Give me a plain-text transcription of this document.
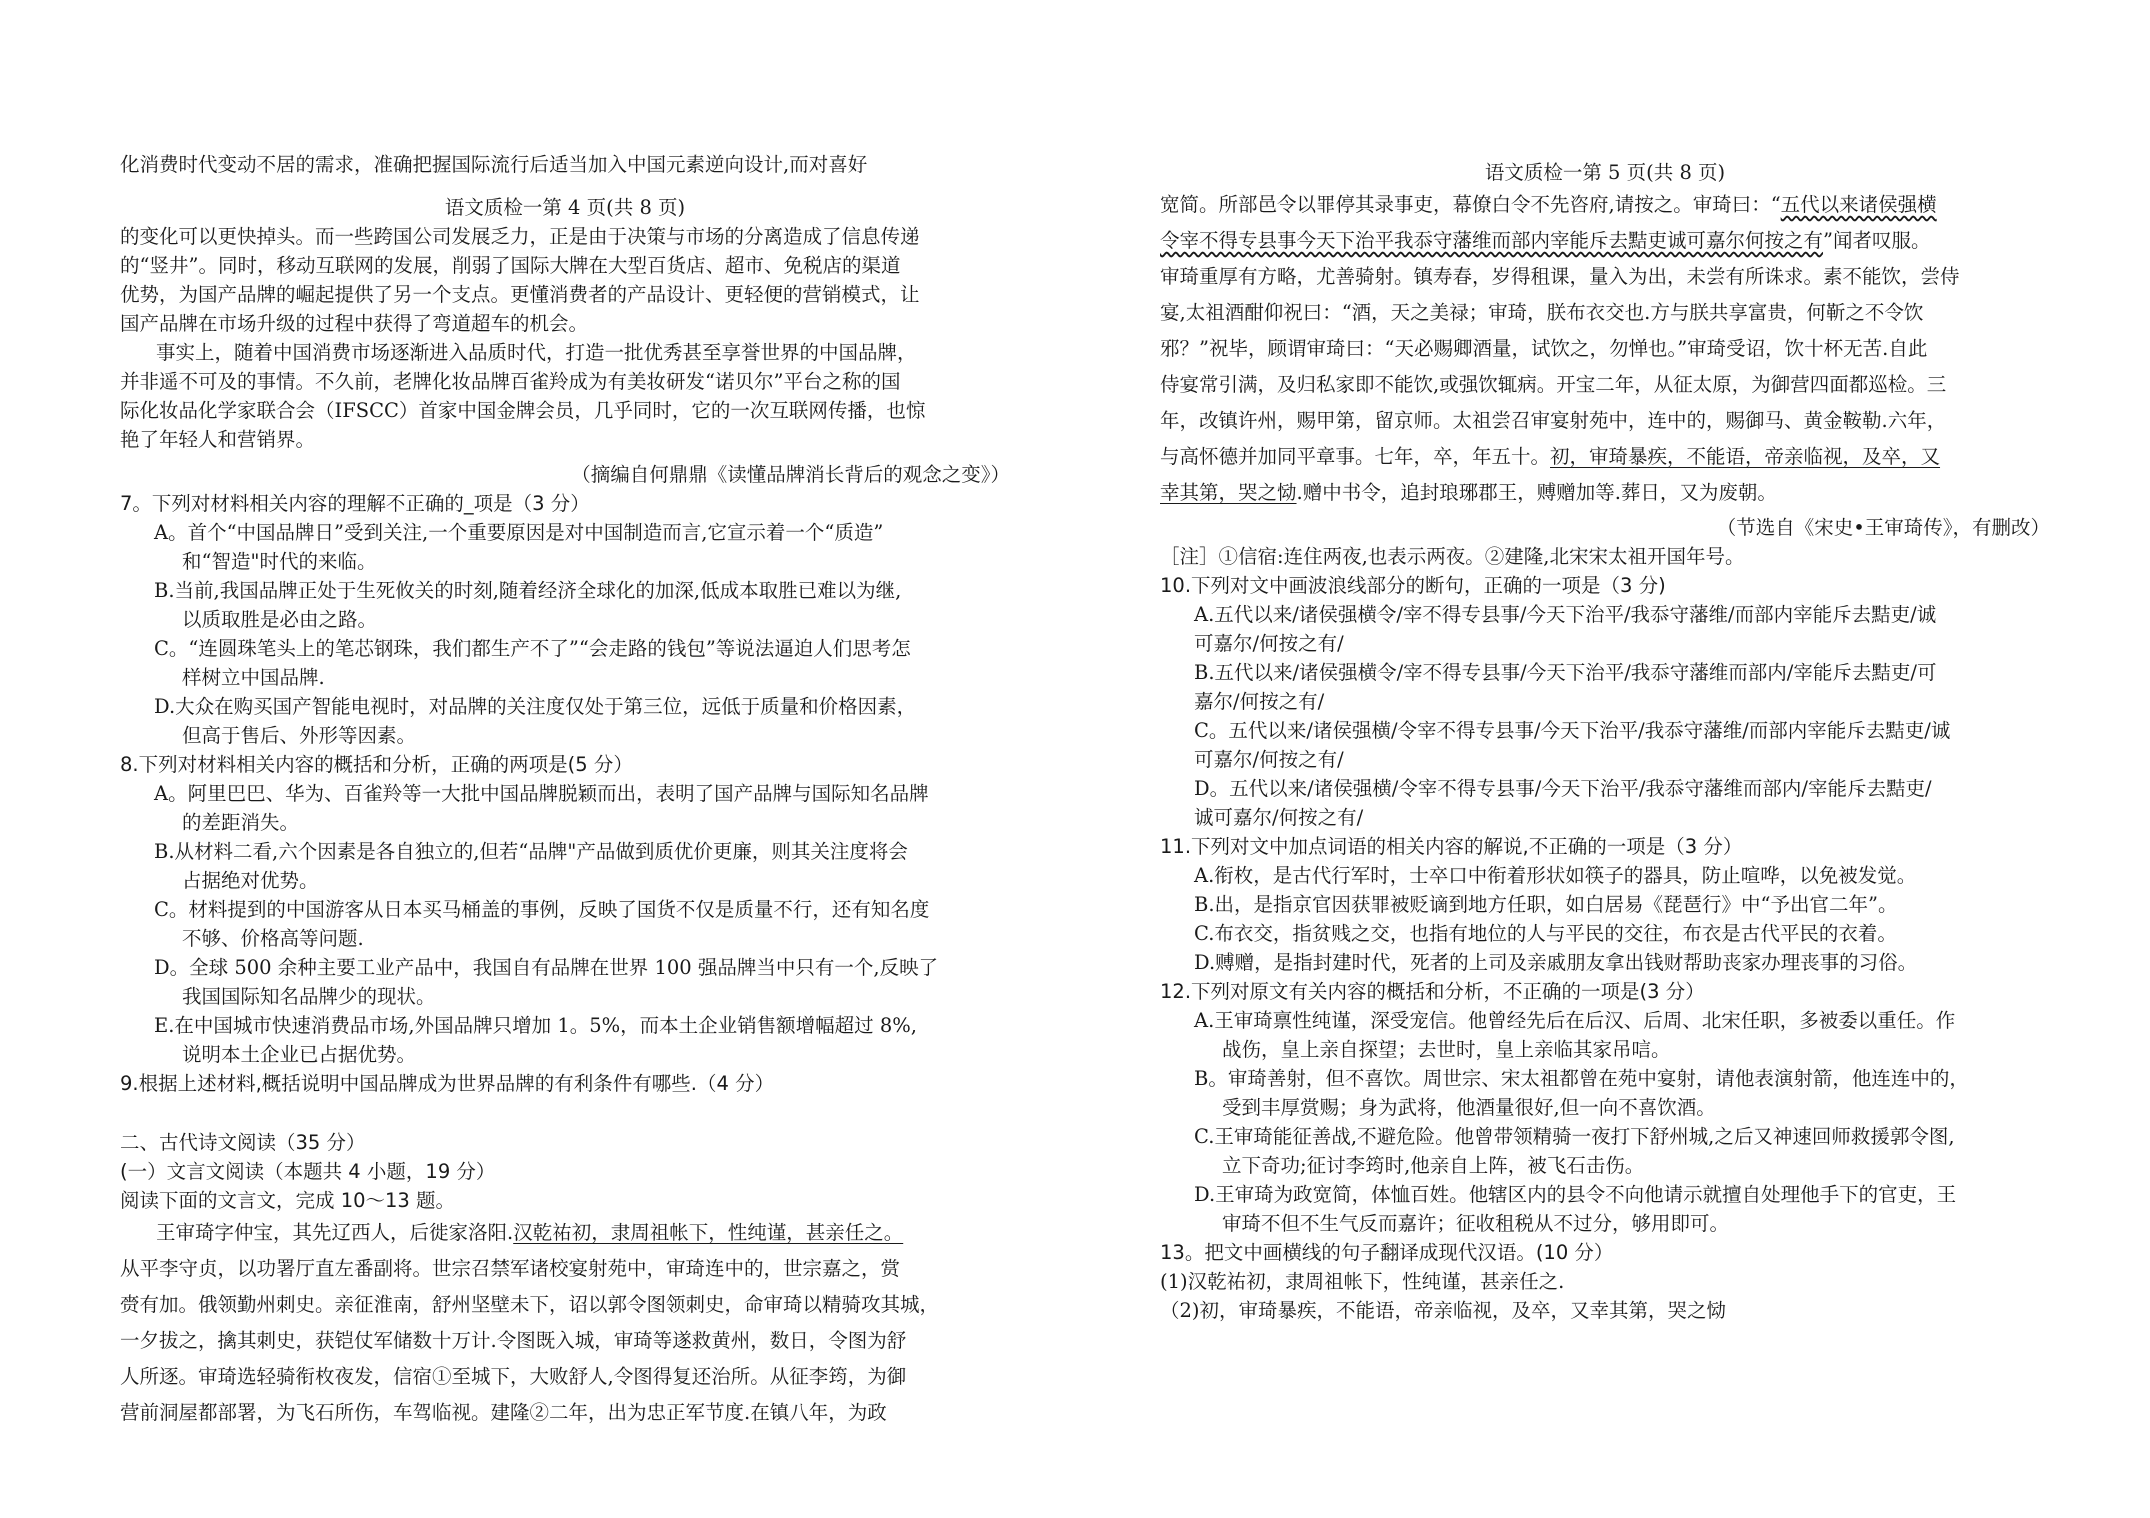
化消费时代变动不居的需求，准确把握国际流行后适当加入中国元素逆向设计,而对喜好
语文质检一第 4 页(共 8 页)
的变化可以更快掉头。而一些跨国公司发展乏力，正是由于决策与市场的分离造成了信息传递
的“竖井”。同时，移动互联网的发展，削弱了国际大牌在大型百货店、超市、免税店的渠道
优势，为国产品牌的崛起提供了另一个支点。更懂消费者的产品设计、更轻便的营销模式，让
国产品牌在市场升级的过程中获得了弯道超车的机会。
事实上，随着中国消费市场逐渐进入品质时代，打造一批优秀甚至享誉世界的中国品牌，
并非遥不可及的事情。不久前，老牌化妆品牌百雀羚成为有美妆研发“诺贝尔”平台之称的国
际化妆品化学家联合会（IFSCC）首家中国金牌会员，几乎同时，它的一次互联网传播，也惊
艳了年轻人和营销界。
（摘编自何鼎鼎《读懂品牌消长背后的观念之变》）
7。下列对材料相关内容的理解不正确的_项是（3 分）
A。首个“中国品牌日”受到关注,一个重要原因是对中国制造而言,它宣示着一个“质造”
和“智造"时代的来临。
B.当前,我国品牌正处于生死攸关的时刻,随着经济全球化的加深,低成本取胜已难以为继,
以质取胜是必由之路。
C。“连圆珠笔头上的笔芯钢珠，我们都生产不了”“会走路的钱包”等说法逼迫人们思考怎
样树立中国品牌.
D.大众在购买国产智能电视时，对品牌的关注度仅处于第三位，远低于质量和价格因素，
但高于售后、外形等因素。
8.下列对材料相关内容的概括和分析，正确的两项是(5 分）
A。阿里巴巴、华为、百雀羚等一大批中国品牌脱颖而出，表明了国产品牌与国际知名品牌
的差距消失。
B.从材料二看,六个因素是各自独立的,但若“品牌"产品做到质优价更廉，则其关注度将会
占据绝对优势。
C。材料提到的中国游客从日本买马桶盖的事例，反映了国货不仅是质量不行，还有知名度
不够、价格高等问题.
D。全球 500 余种主要工业产品中，我国自有品牌在世界 100 强品牌当中只有一个,反映了
我国国际知名品牌少的现状。
E.在中国城市快速消费品市场,外国品牌只增加 1。5%，而本土企业销售额增幅超过 8%,
说明本土企业已占据优势。
9.根据上述材料,概括说明中国品牌成为世界品牌的有利条件有哪些.（4 分）
二、古代诗文阅读（35 分）
(一）文言文阅读（本题共 4 小题，19 分）
阅读下面的文言文，完成 10～13 题。
王审琦字仲宝，其先辽西人，后徙家洛阳.汉乾祐初，隶周祖帐下，性纯谨，甚亲任之。
从平李守贞，以功署厅直左番副将。世宗召禁军诸校宴射苑中，审琦连中的，世宗嘉之，赏
赍有加。俄领勤州刺史。亲征淮南，舒州坚壁未下，诏以郭令图领刺史，命审琦以精骑攻其城，
一夕拔之，擒其刺史，获铠仗军储数十万计.令图既入城，审琦等遂救黄州，数日，令图为舒
人所逐。审琦选轻骑衔枚夜发，信宿①至城下，大败舒人,令图得复还治所。从征李筠，为御
营前洞屋都部署，为飞石所伤，车驾临视。建隆②二年，出为忠正军节度.在镇八年，为政
语文质检一第 5 页(共 8 页)
宽简。所部邑令以罪停其录事吏，幕僚白令不先咨府,请按之。审琦曰：“五代以来诸侯强横
令宰不得专县事今天下治平我忝守藩维而部内宰能斥去黠吏诚可嘉尔何按之有”闻者叹服。
审琦重厚有方略，尤善骑射。镇寿春，岁得租课，量入为出，未尝有所诛求。素不能饮，尝侍
宴,太祖酒酣仰祝曰：“酒，天之美禄；审琦，朕布衣交也.方与朕共享富贵，何靳之不令饮
邪？”祝毕，顾谓审琦曰：“天必赐卿酒量，试饮之，勿惮也。”审琦受诏，饮十杯无苦.自此
侍宴常引满，及归私家即不能饮,或强饮辄病。开宝二年，从征太原，为御营四面都巡检。三
年，改镇许州，赐甲第，留京师。太祖尝召审宴射苑中，连中的，赐御马、黄金鞍勒.六年，
与高怀德并加同平章事。七年，卒，年五十。初，审琦暴疾，不能语，帝亲临视，及卒，又
幸其第，哭之恸.赠中书令，追封琅琊郡王，赙赠加等.葬日，又为废朝。
（节选自《宋史•王审琦传》，有删改）
［注］①信宿:连住两夜,也表示两夜。②建隆,北宋宋太祖开国年号。
10.下列对文中画波浪线部分的断句，正确的一项是（3 分)
A.五代以来/诸侯强横令/宰不得专县事/今天下治平/我忝守藩维/而部内宰能斥去黠吏/诚
可嘉尔/何按之有/
B.五代以来/诸侯强横令/宰不得专县事/今天下治平/我忝守藩维而部内/宰能斥去黠吏/可
嘉尔/何按之有/
C。五代以来/诸侯强横/令宰不得专县事/今天下治平/我忝守藩维/而部内宰能斥去黠吏/诚
可嘉尔/何按之有/
D。五代以来/诸侯强横/令宰不得专县事/今天下治平/我忝守藩维而部内/宰能斥去黠吏/
诚可嘉尔/何按之有/
11.下列对文中加点词语的相关内容的解说,不正确的一项是（3 分）
A.衔枚，是古代行军时，士卒口中衔着形状如筷子的器具，防止喧哗，以免被发觉。
B.出，是指京官因获罪被贬谪到地方任职，如白居易《琵琶行》中“予出官二年”。
C.布衣交，指贫贱之交，也指有地位的人与平民的交往，布衣是古代平民的衣着。
D.赙赠，是指封建时代，死者的上司及亲戚朋友拿出钱财帮助丧家办理丧事的习俗。
12.下列对原文有关内容的概括和分析，不正确的一项是(3 分）
A.王审琦禀性纯谨，深受宠信。他曾经先后在后汉、后周、北宋任职，多被委以重任。作
战伤，皇上亲自探望；去世时，皇上亲临其家吊唁。
B。审琦善射，但不喜饮。周世宗、宋太祖都曾在苑中宴射，请他表演射箭，他连连中的，
受到丰厚赏赐；身为武将，他酒量很好,但一向不喜饮酒。
C.王审琦能征善战,不避危险。他曾带领精骑一夜打下舒州城,之后又神速回师救援郭令图,
立下奇功;征讨李筠时,他亲自上阵，被飞石击伤。
D.王审琦为政宽简，体恤百姓。他辖区内的县令不向他请示就擅自处理他手下的官吏，王
审琦不但不生气反而嘉许；征收租税从不过分，够用即可。
13。把文中画横线的句子翻译成现代汉语。(10 分）
(1)汉乾祐初，隶周祖帐下，性纯谨，甚亲任之.
（2)初，审琦暴疾，不能语，帝亲临视，及卒，又幸其第，哭之恸
